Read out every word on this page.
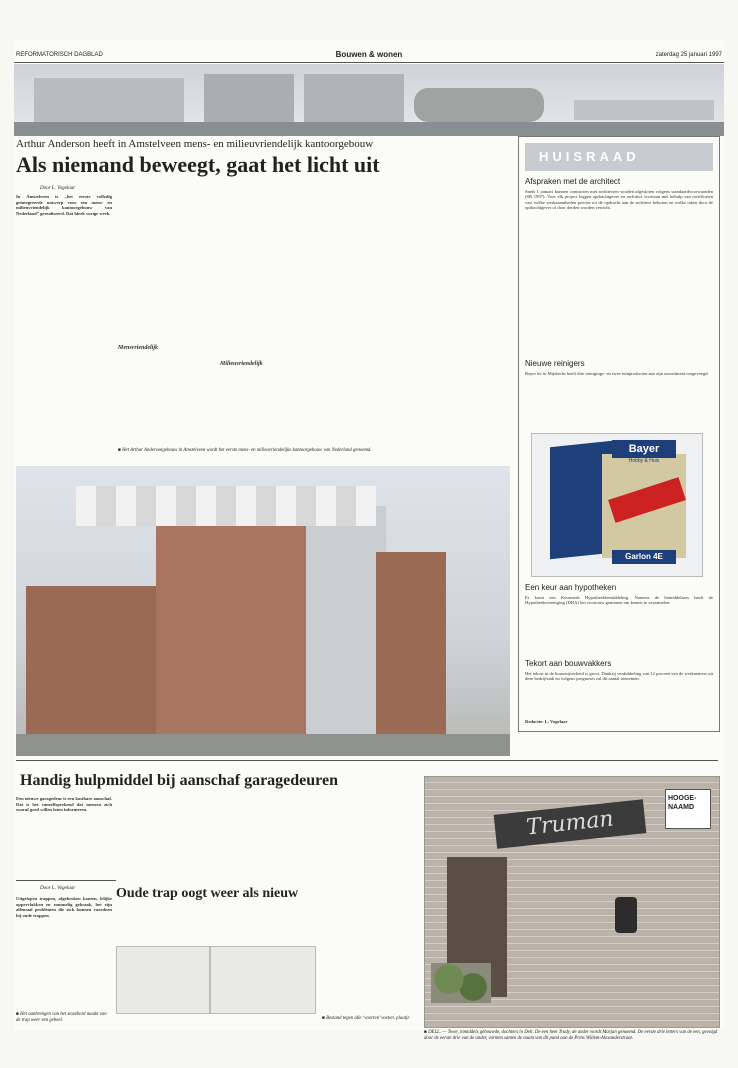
REFORMATORISCH DAGBLAD	Bouwen & wonen	zaterdag 25 januari 1997
Arthur Anderson heeft in Amstelveen mens- en milieuvriendelijk kantoorgebouw
Als niemand beweegt, gaat het licht uit
Door L. Vogelaar
In Amstelveen is „het eerste volledig geïntegreerde ontwerp voor een mens- en milieuvriendelijk kantoorgebouw van Nederland” gerealiseerd. Dat bleek vorige week.
Mensvriendelijk
Milieuvriendelijk
■ Het Arthur Andersongebouw in Amstelveen wordt het eerste mens- en milieuvriendelijke kantoorgebouw van Nederland genoemd.
HUISRAAD
Afspraken met de architect
Sinds 1 januari kunnen contracten met architecten worden afgesloten volgens standaardvoorwaarden (SR 1997). Voor elk project leggen opdrachtgever en architect voortaan met behulp van certificaten vast welke werkzaamheden precies tot de opdracht aan de architect behoren en welke taken door de opdrachtgever of door derden worden verricht.
Nieuwe reinigers
Bayer bv in Mijdrecht heeft drie reinigings- en twee tuinproducten aan zijn assortiment toegevoegd.
Bayer
Hobby & Huis
Garlon 4E
Een keur aan hypotheken
Er komt een Keurmerk Hypotheekbemiddeling. Namens de bemiddelaars heeft de Hypotheekvereniging (DHA) het voortouw genomen om kennis te verzamelen.
Tekort aan bouwvakkers
Het tekort in de bouwnijverheid is groot. Dankzij verdubbeling van 12 procent van de werknemers uit deze bedrijfstak en volgens prognoses zal dit aantal toenemen.
Redactie: L. Vogelaar
Handig hulpmiddel bij aanschaf garagedeuren
Een nieuwe garagedeur is een kostbare aanschaf. Dat is het vanzelfsprekend dat mensen zich vooraf goed willen laten informeren.
Door L. Vogelaar
Uitgelopen trappen, afgebroken kanten, lelijke oppervlakken en rommelig gekraak, het zijn allemaal problemen die zich kunnen voordoen bij oude trappen.
■ Het aanbrengen van het stootbord maakt van de trap weer een geheel.
Oude trap oogt weer als nieuw
■ Bestand tegen alle ‘voorten’ voeten. plaatje
Truman
HOOGE-NAAMD
■ DELL. — Twee, inmiddels gebouwde, dochters in Dell. De een heet Trudy, de ander wordt Marjan genoemd. De eerste drie letters van de een, gevolgd door de eerste drie van de ander, vormen samen de naam van dit pand aan de Prins Willem-Alexanderstraat.
